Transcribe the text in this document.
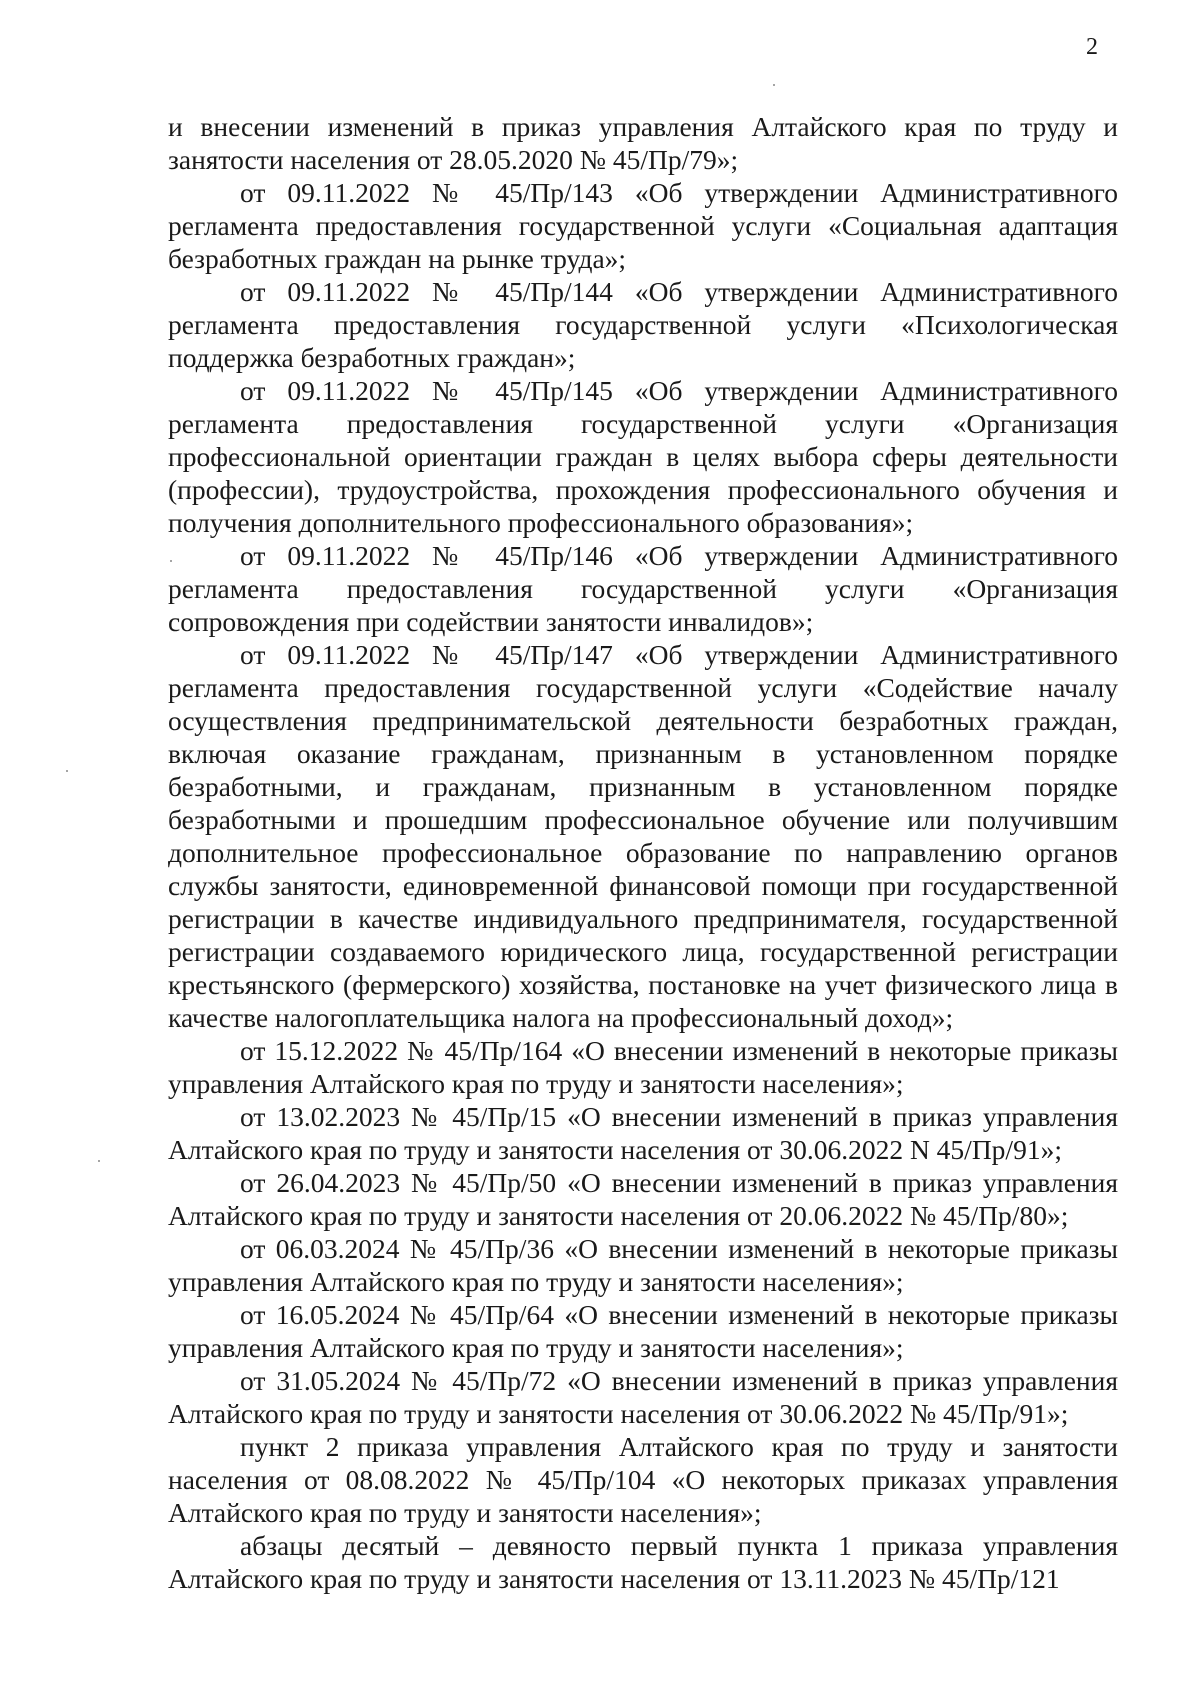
2

и внесении изменений в приказ управления Алтайского края по труду и занятости населения от 28.05.2020 № 45/Пр/79»;

от 09.11.2022 № 45/Пр/143 «Об утверждении Административного регламента предоставления государственной услуги «Социальная адаптация безработных граждан на рынке труда»;

от 09.11.2022 № 45/Пр/144 «Об утверждении Административного регламента предоставления государственной услуги «Психологическая поддержка безработных граждан»;

от 09.11.2022 № 45/Пр/145 «Об утверждении Административного регламента предоставления государственной услуги «Организация профессиональной ориентации граждан в целях выбора сферы деятельности (профессии), трудоустройства, прохождения профессионального обучения и получения дополнительного профессионального образования»;

от 09.11.2022 № 45/Пр/146 «Об утверждении Административного регламента предоставления государственной услуги «Организация сопровождения при содействии занятости инвалидов»;

от 09.11.2022 № 45/Пр/147 «Об утверждении Административного регламента предоставления государственной услуги «Содействие началу осуществления предпринимательской деятельности безработных граждан, включая оказание гражданам, признанным в установленном порядке безработными, и гражданам, признанным в установленном порядке безработными и прошедшим профессиональное обучение или получившим дополнительное профессиональное образование по направлению органов службы занятости, единовременной финансовой помощи при государственной регистрации в качестве индивидуального предпринимателя, государственной регистрации создаваемого юридического лица, государственной регистрации крестьянского (фермерского) хозяйства, постановке на учет физического лица в качестве налогоплательщика налога на профессиональный доход»;

от 15.12.2022 № 45/Пр/164 «О внесении изменений в некоторые приказы управления Алтайского края по труду и занятости населения»;

от 13.02.2023 № 45/Пр/15 «О внесении изменений в приказ управления Алтайского края по труду и занятости населения от 30.06.2022 N 45/Пр/91»;

от 26.04.2023 № 45/Пр/50 «О внесении изменений в приказ управления Алтайского края по труду и занятости населения от 20.06.2022 № 45/Пр/80»;

от 06.03.2024 № 45/Пр/36 «О внесении изменений в некоторые приказы управления Алтайского края по труду и занятости населения»;

от 16.05.2024 № 45/Пр/64 «О внесении изменений в некоторые приказы управления Алтайского края по труду и занятости населения»;

от 31.05.2024 № 45/Пр/72 «О внесении изменений в приказ управления Алтайского края по труду и занятости населения от 30.06.2022 № 45/Пр/91»;

пункт 2 приказа управления Алтайского края по труду и занятости населения от 08.08.2022 № 45/Пр/104 «О некоторых приказах управления Алтайского края по труду и занятости населения»;

абзацы десятый – девяносто первый пункта 1 приказа управления Алтайского края по труду и занятости населения от 13.11.2023 № 45/Пр/121
